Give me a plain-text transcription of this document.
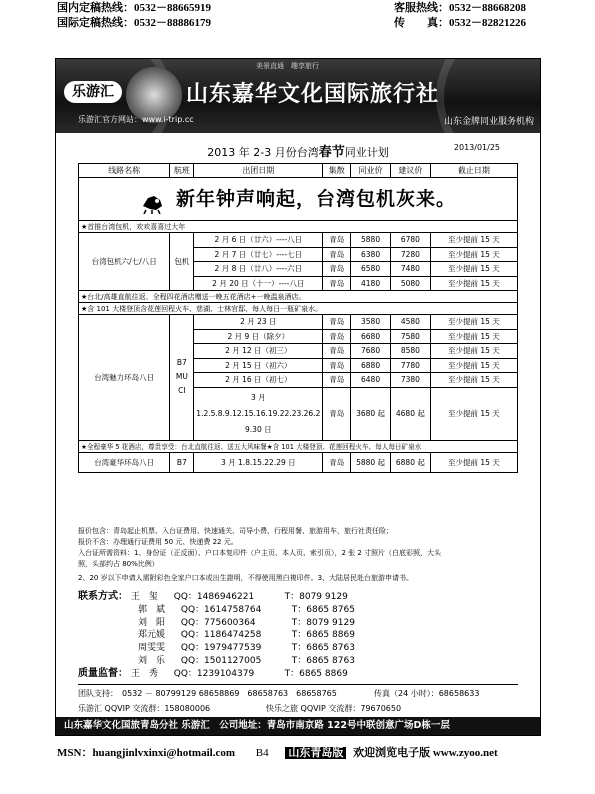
国内定稿热线：0532－88665919
国际定稿热线：0532－88886179
客服热线：0532－88668208
传　　真：0532－82821226
美景直通　趣享旅行
乐游汇	山东嘉华文化国际旅行社
乐游汇官方网站：www.i-trip.cc	山东金牌同业服务机构
2013 年 2-3 月份台湾春节同业计划	2013/01/25
线路名称	航班	出团日期	集散	同业价	建议价	截止日期
新年钟声响起，台湾包机灰来。						
★首推台湾包机，欢欢喜喜过大年						
台湾包机六/七/八日	包机	2 月 6 日（廿六）----八日	青岛	5880	6780	至少提前 15 天
		2 月 7 日（廿七）----七日	青岛	6380	7280	至少提前 15 天
		2 月 8 日（廿八）----六日	青岛	6580	7480	至少提前 15 天
		2 月 20 日（十一）----八日	青岛	4180	5080	至少提前 15 天
★台北/高雄直航往返、全程四花酒店赠送一晚五花酒店+一晚温泉酒店。						
★含 101 大楼登顶含花莲回程火车、慈湖、士林官邸、每人每日一瓶矿泉水。						
台湾魅力环岛八日	B7 MU CI	2 月 23 日	青岛	3580	4580	至少提前 15 天
		2 月 9 日（除夕）	青岛	6680	7580	至少提前 15 天
		2 月 12 日（初三）	青岛	7680	8580	至少提前 15 天
		2 月 15 日（初六）	青岛	6880	7780	至少提前 15 天
		2 月 16 日（初七）	青岛	6480	7380	至少提前 15 天

		3 月
1.2.5.8.9.12.15.16.19.22.23.26.2
9.30 日	青岛	3680 起	4680 起	至少提前 15 天
★全程豪华 5 花酒店，尊贵享受：台北直航往返、送五大风味餐★含 101 大楼登顶、花莲回程火车、每人每日矿泉水						
台湾豪华环岛八日	B7	3 月 1.8.15.22.29 日	青岛	5880 起	6880 起	至少提前 15 天
报价包含：青岛起止机票、入台证费用、快速通关、司导小费、行程用餐、旅游用车，旅行社责任险；
报价不含：办理通行证费用 50 元、快递费 22 元。
入台证所需资料：1、身份证（正反面）、户口本复印件（户主页、本人页、索引页），2 张 2 寸照片（白底彩照，大头
照，头部约占 80%比例）
2、20 岁以下申请人需附彩色全家户口本或出生證明，不得使用黑白複印件。3、大陆居民赴台旅游申请书。
联系方式： 王　玺 QQ：1486946221	T：8079 9129
郭　斌 QQ：1614758764	T：6865 8765
刘　阳 QQ：775600364	T：8079 9129
郑元媛 QQ：1186474258	T：6865 8869
周雯雯 QQ：1979477539	T：6865 8763
刘　乐 QQ：1501127005	T：6865 8763
质量监督： 王　秀 QQ：1239104379	T：6865 8869
团队支持：　0532 － 80799129 68658869　68658763　68658765	传真（24 小时）：68658633
乐游汇 QQVIP 交流群：158080006	快乐之旅 QQVIP 交流群：79670650
山东嘉华文化国旅青岛分社 乐游汇　公司地址：青岛市南京路 122号中联创意广场D栋一层
MSN：huangjinlvxinxi@hotmail.com B4 山东青岛版 欢迎浏览电子版 www.zyoo.net
